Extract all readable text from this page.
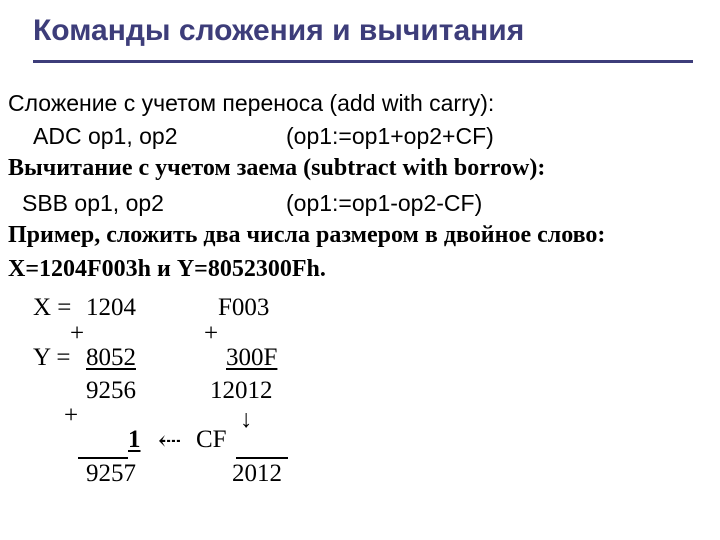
Команды сложения и вычитания
Сложение с учетом переноса (add with carry):
ADC op1, op2	(op1:=op1+op2+CF)
Вычитание с учетом заема (subtract with borrow):
SBB op1, op2	(op1:=op1-op2-CF)
Пример, сложить два числа размером в двойное слово:
X=1204F003h и Y=8052300Fh.
X = 1204	F003
+	+
Y = 8052	300F
9256	12012
+	↓
1 ⇠ CF
9257	2012
